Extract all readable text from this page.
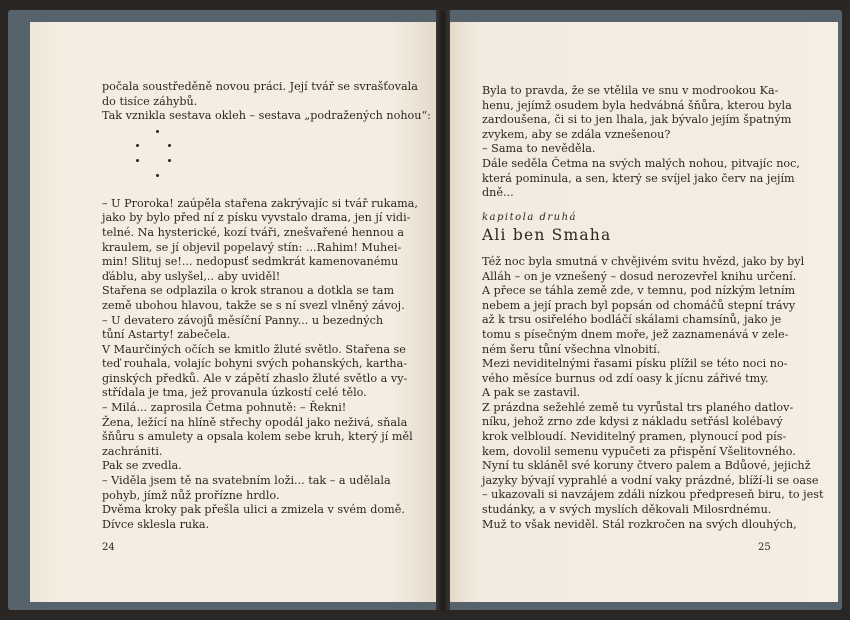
počala soustředěně novou práci. Její tvář se svrašťovala
do tisíce záhybů.
Tak vznikla sestava okleh – sestava „podražených nohou“:
– U Proroka! zaúpěla stařena zakrývajíc si tvář rukama,
jako by bylo před ní z písku vyvstalo drama, jen jí vidi-
telné. Na hysterické, kozí tváři, znešvařené hennou a
kraulem, se jí objevil popelavý stín: ...Rahim! Muhei-
min! Slituj se!... nedopusť sedmkrát kamenovanému
ďáblu, aby uslyšel,.. aby uviděl!
Stařena se odplazila o krok stranou a dotkla se tam
země ubohou hlavou, takže se s ní svezl vlněný závoj.
– U devatero závojů měsíční Panny... u bezedných
tůní Astarty! zabečela.
V Maurčiných očích se kmitlo žluté světlo. Stařena se
teď rouhala, volajíc bohyni svých pohanských, kartha-
ginských předků. Ale v zápětí zhaslo žluté světlo a vy-
střídala je tma, jež provanula úzkostí celé tělo.
– Milá... zaprosila Četma pohnutě: – Řekni!
Žena, ležící na hlíně střechy opodál jako neživá, sňala
šňůru s amulety a opsala kolem sebe kruh, který jí měl
zachrániti.
Pak se zvedla.
– Viděla jsem tě na svatebním loži... tak – a udělala
pohyb, jímž nůž proříznе hrdlo.
Dvěma kroky pak přešla ulici a zmizela v svém domě.
Dívce sklesla ruka.
24
Byla to pravda, že se vtělila ve snu v modrookou Ka-
henu, jejímž osudem byla hedvábná šňůra, kterou byla
zardoušena, či si to jen lhala, jak bývalo jejím špatným
zvykem, aby se zdála vznešenou?
– Sama to nevěděla.
Dále seděla Četma na svých malých nohou, pitvajíc noc,
která pominula, a sen, který se svíjel jako červ na jejím
dně...
kapitola druhá
Ali ben Smaha
Též noc byla smutná v chvějivém svitu hvězd, jako by byl
Alláh – on je vznešený – dosud nerozevřel knihu určení.
A přece se táhla země zde, v temnu, pod nízkým letním
nebem a její prach byl popsán od chomáčů stepní trávy
až k trsu osiřelého bodláčí skálami chamsínů, jako je
tomu s písečným dnem moře, jež zaznamenává v zele-
ném šeru tůní všechna vlnobití.
Mezi neviditelnými řasami písku plížil se této noci no-
vého měsíce burnus od zdí oasy k jícnu zářivé tmy.
A pak se zastavil.
Z prázdna sežehlé země tu vyrůstal trs planého datlov-
níku, jehož zrno zde kdysi z nákladu setřásl kolébavý
krok velbloudí. Neviditelný pramen, plynoucí pod pís-
kem, dovolil semenu vypučeti za přispění Všelitovného.
Nyní tu skláněl své koruny čtvero palem a Bdůové, jejichž
jazyky bývají vyprahlé a vodní vaky prázdné, blíží-li se oase
– ukazovali si navzájem zdáli nízkou předpreseň biru, to jest
studánky, a v svých myslích děkovali Milosrdnému.
Muž to však neviděl. Stál rozkročen na svých dlouhých,
25
